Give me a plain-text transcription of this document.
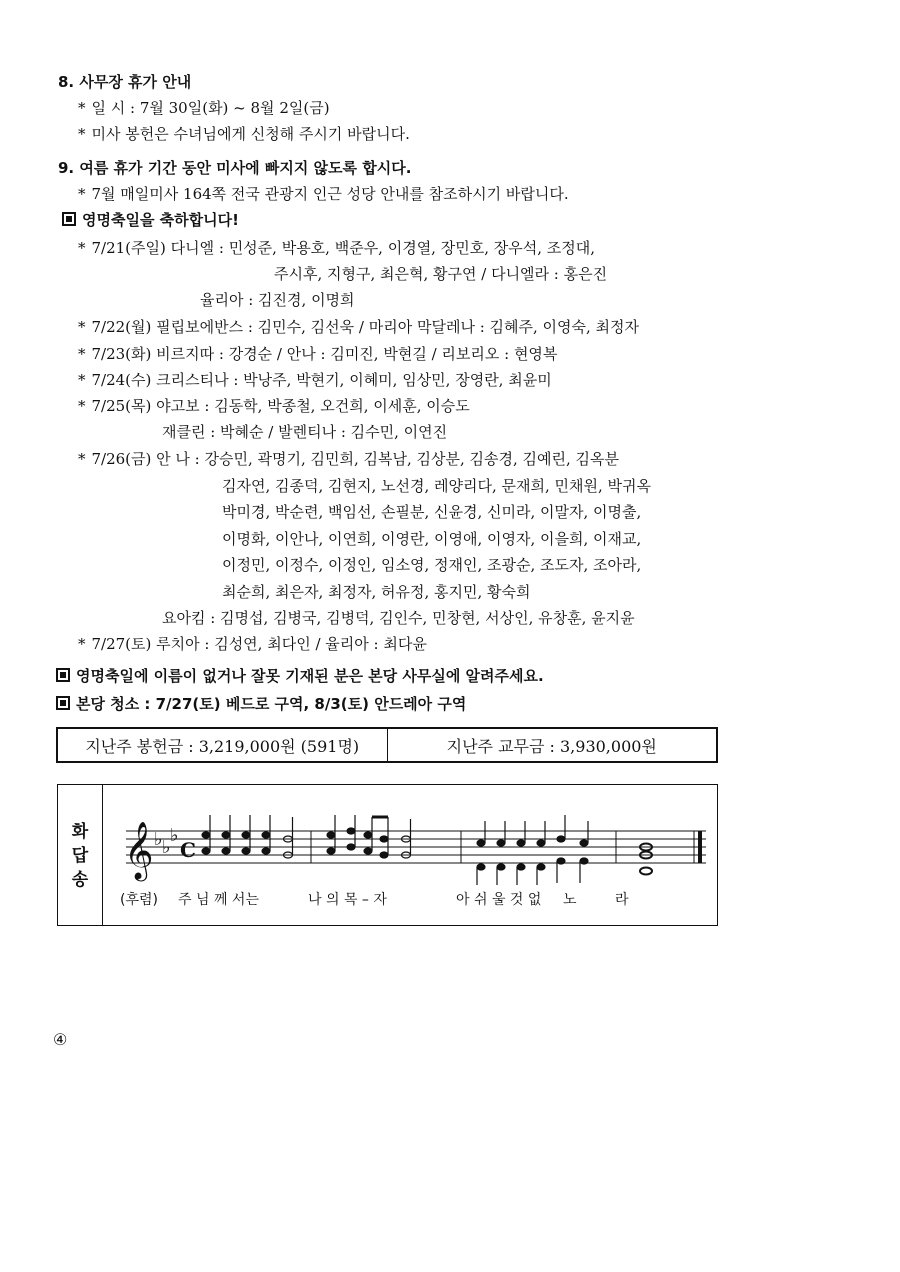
8. 사무장 휴가 안내
* 일 시 : 7월 30일(화) ~ 8월 2일(금)
* 미사 봉헌은 수녀님에게 신청해 주시기 바랍니다.
9. 여름 휴가 기간 동안 미사에 빠지지 않도록 합시다.
* 7월 매일미사 164쪽 전국 관광지 인근 성당 안내를 참조하시기 바랍니다.
영명축일을 축하합니다!
* 7/21(주일) 다니엘 : 민성준, 박용호, 백준우, 이경열, 장민호, 장우석, 조정대,
주시후, 지형구, 최은혁, 황구연 / 다니엘라 : 홍은진
율리아 : 김진경, 이명희
* 7/22(월) 필립보에반스 : 김민수, 김선욱 / 마리아 막달레나 : 김혜주, 이영숙, 최정자
* 7/23(화) 비르지따 : 강경순 / 안나 : 김미진, 박현길 / 리보리오 : 현영복
* 7/24(수) 크리스티나 : 박낭주, 박현기, 이혜미, 임상민, 장영란, 최윤미
* 7/25(목) 야고보 : 김동학, 박종철, 오건희, 이세훈, 이승도
재클린 : 박혜순 / 발렌티나 : 김수민, 이연진
* 7/26(금) 안 나 : 강승민, 곽명기, 김민희, 김복남, 김상분, 김송경, 김예린, 김옥분
김자연, 김종덕, 김현지, 노선경, 레양리다, 문재희, 민채원, 박귀옥
박미경, 박순련, 백임선, 손필분, 신윤경, 신미라, 이말자, 이명출,
이명화, 이안나, 이연희, 이영란, 이영애, 이영자, 이을희, 이재교,
이정민, 이정수, 이정인, 임소영, 정재인, 조광순, 조도자, 조아라,
최순희, 최은자, 최정자, 허유정, 홍지민, 황숙희
요아킴 : 김명섭, 김병국, 김병덕, 김인수, 민창현, 서상인, 유창훈, 윤지윤
* 7/27(토) 루치아 : 김성연, 최다인 / 율리아 : 최다윤
영명축일에 이름이 없거나 잘못 기재된 분은 본당 사무실에 알려주세요.
본당 청소 : 7/27(토) 베드로 구역, 8/3(토) 안드레아 구역
지난주 봉헌금 : 3,219,000원 (591명)	지난주 교무금 : 3,930,000원
화
답
송
𝄞 ♭ ♭
♭
C
(후렴) 주 님 께 서는	나 의 목 – 자	아 쉬 울 것 없 노	라
④
